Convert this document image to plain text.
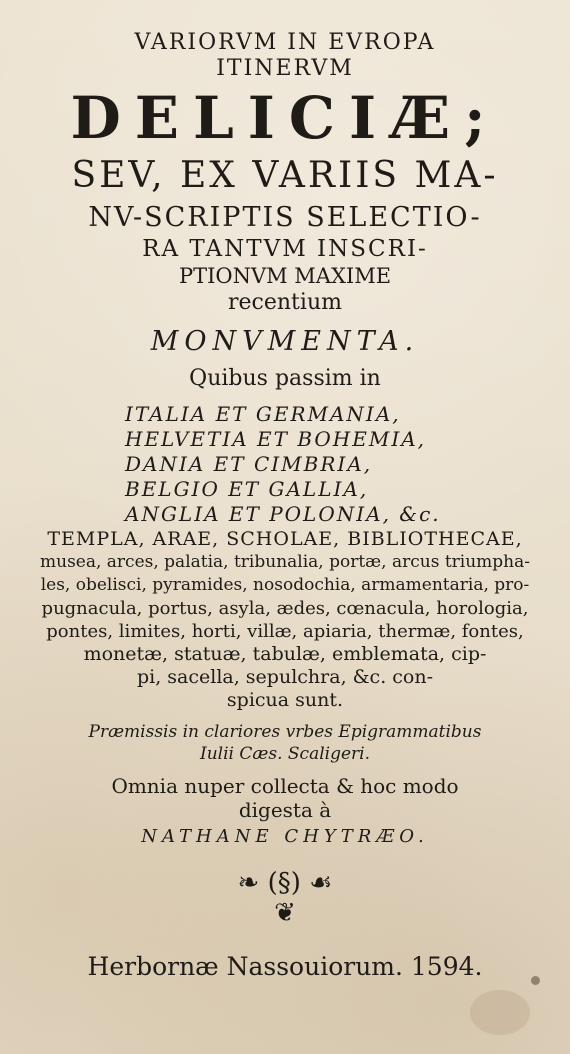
VARIORVM IN EVROPA
ITINERVM
DELICIÆ;
SEV, EX VARIIS MA-
NV-SCRIPTIS SELECTIO-
RA TANTVM INSCRI-
PTIONVM MAXIME
recentium
MONVMENTA.
Quibus passim in
ITALIA ET GERMANIA,
HELVETIA ET BOHEMIA,
DANIA ET CIMBRIA,
BELGIO ET GALLIA,
ANGLIA ET POLONIA, &c.
TEMPLA, ARAE, SCHOLAE, BIBLIOTHECAE,
musea, arces, palatia, tribunalia, portæ, arcus triumpha-
les, obelisci, pyramides, nosodochia, armamentaria, pro-
pugnacula, portus, asyla, ædes, cœnacula, horologia,
pontes, limites, horti, villæ, apiaria, thermæ, fontes,
monetæ, statuæ, tabulæ, emblemata, cip-
pi, sacella, sepulchra, &c. con-
spicua sunt.
Præmissis in clariores vrbes Epigrammatibus
Iulii Cæs. Scaligeri.
Omnia nuper collecta & hoc modo
digesta à
NATHANE CHYTRÆO.
❧ (§) ☙
❦
Herbornæ Nassouiorum. 1594.
